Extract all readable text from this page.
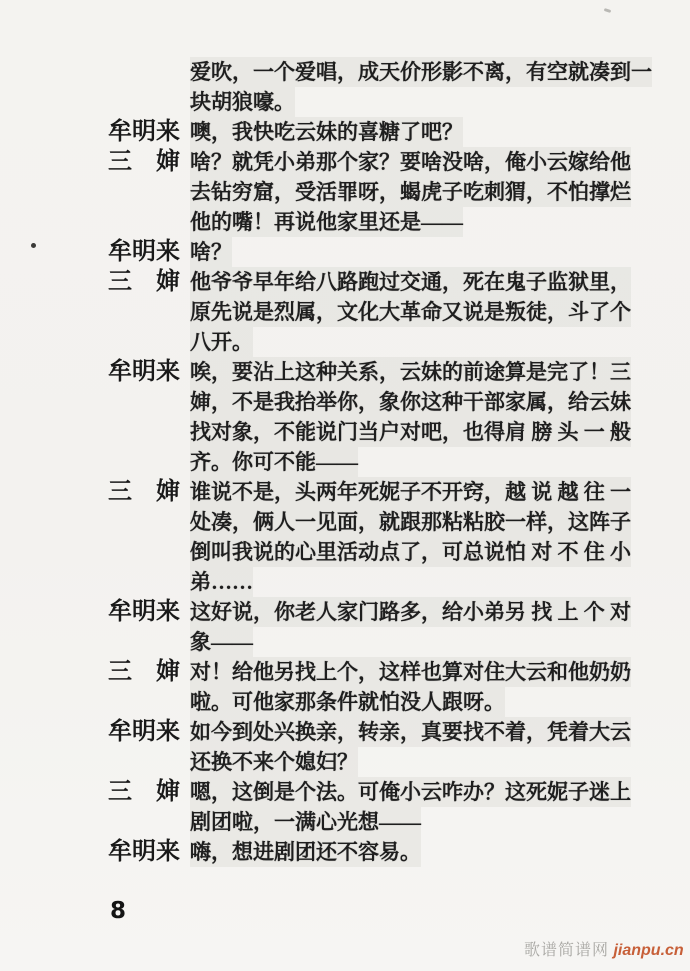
爱吹，一个爱唱，成天价形影不离，有空就凑到一
块胡狼嚎。
牟明来 噢，我快吃云妹的喜糖了吧？
三　婶 啥？就凭小弟那个家？要啥没啥，俺小云嫁给他
去钻穷窟，受活罪呀，蝎虎子吃刺猬，不怕撑烂
他的嘴！再说他家里还是——
牟明来 啥？
三　婶 他爷爷早年给八路跑过交通，死在鬼子监狱里，
原先说是烈属，文化大革命又说是叛徒，斗了个
八开。
牟明来 唉，要沾上这种关系，云妹的前途算是完了！三
婶，不是我抬举你，象你这种干部家属，给云妹
找对象，不能说门当户对吧，也得肩 膀 头 一 般
齐。你可不能——
三　婶 谁说不是，头两年死妮子不开窍，越 说 越 往 一
处凑，俩人一见面，就跟那粘粘胶一样，这阵子
倒叫我说的心里活动点了，可总说怕 对 不 住 小
弟……
牟明来 这好说，你老人家门路多，给小弟另 找 上 个 对
象——
三　婶 对！给他另找上个，这样也算对住大云和他奶奶
啦。可他家那条件就怕没人跟呀。
牟明来 如今到处兴换亲，转亲，真要找不着，凭着大云
还换不来个媳妇？
三　婶 嗯，这倒是个法。可俺小云咋办？这死妮子迷上
剧团啦，一满心光想——
牟明来 嗨，想进剧团还不容易。
8
歌谱简谱网 jianpu.cn
